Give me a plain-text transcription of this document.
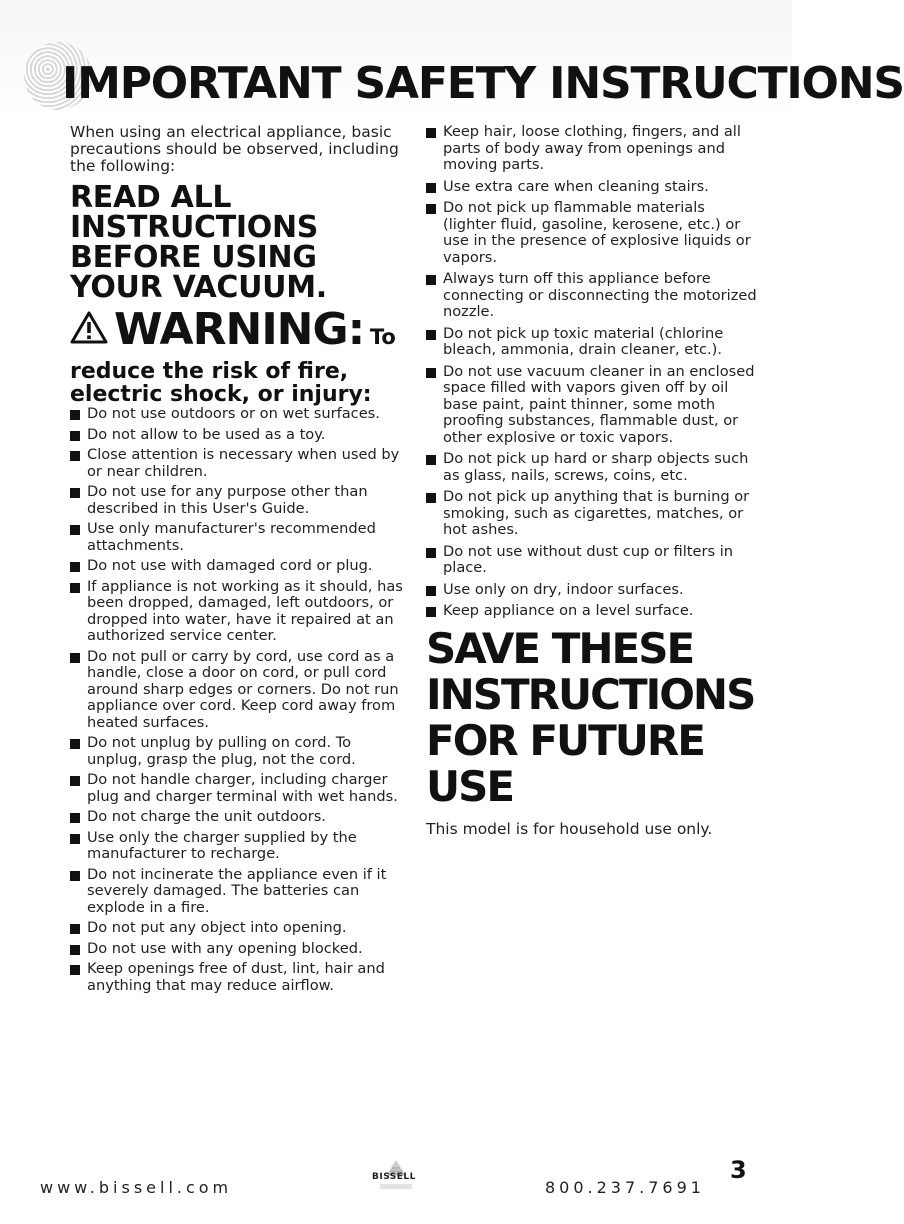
IMPORTANT SAFETY INSTRUCTIONS

When using an electrical appliance, basic precautions should be observed, including the following:

READ ALL INSTRUCTIONS BEFORE USING YOUR VACUUM.
WARNING: To

reduce the risk of fire, electric shock, or injury:

Do not use outdoors or on wet surfaces.
Do not allow to be used as a toy.
Close attention is necessary when used by or near children.
Do not use for any purpose other than described in this User's Guide.
Use only manufacturer's recommended attachments.
Do not use with damaged cord or plug.
If appliance is not working as it should, has been dropped, damaged, left outdoors, or dropped into water, have it repaired at an authorized service center.
Do not pull or carry by cord, use cord as a handle, close a door on cord, or pull cord around sharp edges or corners. Do not run appliance over cord. Keep cord away from heated surfaces.
Do not unplug by pulling on cord. To unplug, grasp the plug, not the cord.
Do not handle charger, including charger plug and charger terminal with wet hands.
Do not charge the unit outdoors.
Use only the charger supplied by the manufacturer to recharge.
Do not incinerate the appliance even if it severely damaged. The batteries can explode in a fire.
Do not put any object into opening.
Do not use with any opening blocked.
Keep openings free of dust, lint, hair and anything that may reduce airflow.
Keep hair, loose clothing, fingers, and all parts of body away from openings and moving parts.
Use extra care when cleaning stairs.
Do not pick up flammable materials (lighter fluid, gasoline, kerosene, etc.) or use in the presence of explosive liquids or vapors.
Always turn off this appliance before connecting or disconnecting the motorized nozzle.
Do not pick up toxic material (chlorine bleach, ammonia, drain cleaner, etc.).
Do not use vacuum cleaner in an enclosed space filled with vapors given off by oil base paint, paint thinner, some moth proofing substances, flammable dust, or other explosive or toxic vapors.
Do not pick up hard or sharp objects such as glass, nails, screws, coins, etc.
Do not pick up anything that is burning or smoking, such as cigarettes, matches, or hot ashes.
Do not use without dust cup or filters in place.
Use only on dry, indoor surfaces.
Keep appliance on a level surface.
SAVE THESE INSTRUCTIONS FOR FUTURE USE

This model is for household use only.

www.bissell.com
BISSELL
800.237.7691
3
